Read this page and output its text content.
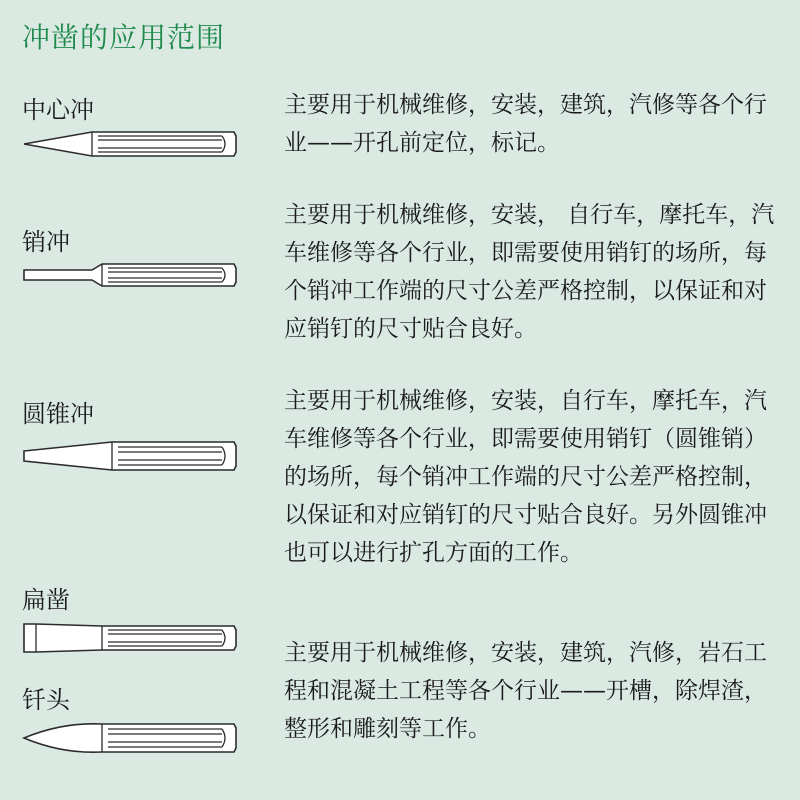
冲凿的应用范围
中心冲	主要用于机械维修，安装，建筑，汽修等各个行业——开孔前定位，标记。

销冲

主要用于机械维修，安装， 自行车，摩托车，汽车维修等各个行业，即需要使用销钉的场所，每个销冲工作端的尺寸公差严格控制，以保证和对应销钉的尺寸贴合良好。

圆锥冲	主要用于机械维修，安装，自行车，摩托车，汽车维修等各个行业，即需要使用销钉（圆锥销）的场所，每个销冲工作端的尺寸公差严格控制，以保证和对应销钉的尺寸贴合良好。另外圆锥冲也可以进行扩孔方面的工作。

扁凿
钎头

主要用于机械维修，安装，建筑，汽修，岩石工程和混凝土工程等各个行业——开槽，除焊渣，整形和雕刻等工作。
